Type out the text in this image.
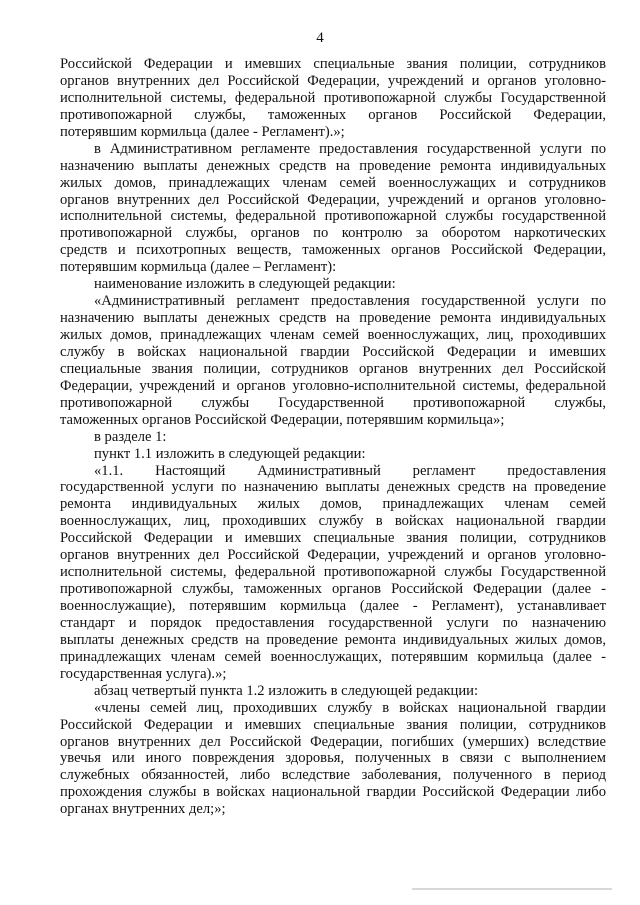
4
Российской Федерации и имевших специальные звания полиции, сотрудников
органов внутренних дел Российской Федерации, учреждений и органов уголовно-
исполнительной системы, федеральной противопожарной службы Государственной
противопожарной службы, таможенных органов Российской Федерации,
потерявшим кормильца (далее - Регламент).»;
в Административном регламенте предоставления государственной услуги по
назначению выплаты денежных средств на проведение ремонта индивидуальных
жилых домов, принадлежащих членам семей военнослужащих и сотрудников
органов внутренних дел Российской Федерации, учреждений и органов уголовно-
исполнительной системы, федеральной противопожарной службы государственной
противопожарной службы, органов по контролю за оборотом наркотических
средств и психотропных веществ, таможенных органов Российской Федерации,
потерявшим кормильца (далее – Регламент):
наименование изложить в следующей редакции:
«Административный регламент предоставления государственной услуги по
назначению выплаты денежных средств на проведение ремонта индивидуальных
жилых домов, принадлежащих членам семей военнослужащих, лиц, проходивших
службу в войсках национальной гвардии Российской Федерации и имевших
специальные звания полиции, сотрудников органов внутренних дел Российской
Федерации, учреждений и органов уголовно-исполнительной системы, федеральной
противопожарной службы Государственной противопожарной службы,
таможенных органов Российской Федерации, потерявшим кормильца»;
в разделе 1:
пункт 1.1 изложить в следующей редакции:
«1.1. Настоящий Административный регламент предоставления
государственной услуги по назначению выплаты денежных средств на проведение
ремонта индивидуальных жилых домов, принадлежащих членам семей
военнослужащих, лиц, проходивших службу в войсках национальной гвардии
Российской Федерации и имевших специальные звания полиции, сотрудников
органов внутренних дел Российской Федерации, учреждений и органов уголовно-
исполнительной системы, федеральной противопожарной службы Государственной
противопожарной службы, таможенных органов Российской Федерации (далее -
военнослужащие), потерявшим кормильца (далее - Регламент), устанавливает
стандарт и порядок предоставления государственной услуги по назначению
выплаты денежных средств на проведение ремонта индивидуальных жилых домов,
принадлежащих членам семей военнослужащих, потерявшим кормильца (далее -
государственная услуга).»;
абзац четвертый пункта 1.2 изложить в следующей редакции:
«члены семей лиц, проходивших службу в войсках национальной гвардии
Российской Федерации и имевших специальные звания полиции, сотрудников
органов внутренних дел Российской Федерации, погибших (умерших) вследствие
увечья или иного повреждения здоровья, полученных в связи с выполнением
служебных обязанностей, либо вследствие заболевания, полученного в период
прохождения службы в войсках национальной гвардии Российской Федерации либо
органах внутренних дел;»;
